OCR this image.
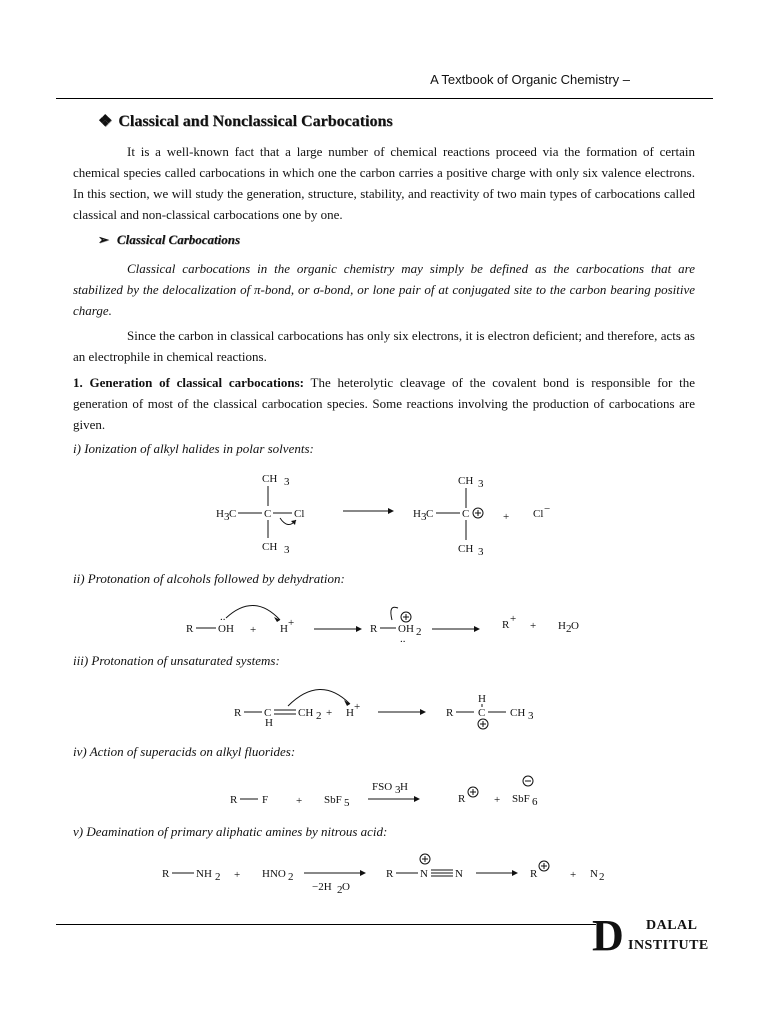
A Textbook of Organic Chemistry –
❖ Classical and Nonclassical Carbocations
It is a well-known fact that a large number of chemical reactions proceed via the formation of certain chemical species called carbocations in which one the carbon carries a positive charge with only six valence electrons. In this section, we will study the generation, structure, stability, and reactivity of two main types of carbocations called classical and non-classical carbocations one by one.
➢ Classical Carbocations
Classical carbocations in the organic chemistry may simply be defined as the carbocations that are stabilized by the delocalization of π-bond, or σ-bond, or lone pair of at conjugated site to the carbon bearing positive charge.
Since the carbon in classical carbocations has only six electrons, it is electron deficient; and therefore, acts as an electrophile in chemical reactions.
1. Generation of classical carbocations: The heterolytic cleavage of the covalent bond is responsible for the generation of most of the classical carbocation species. Some reactions involving the production of carbocations are given.
i) Ionization of alkyl halides in polar solvents:
CH 3
H 3 C	C Cl
CH 3
CH 3
H 3 C	C
CH 3
+ Cl −
ii) Protonation of alcohols followed by dehydration:
R OH
..
+ H +	R OH 2
..
R +
+ H 2 O
iii) Protonation of unsaturated systems:
R C
H
CH 2 + H +	R
H
C CH 3
iv) Action of superacids on alkyl fluorides:
R F	+ SbF 5
FSO 3 H
R	+ SbF 6
v) Deamination of primary aliphatic amines by nitrous acid:
R NH 2 + HNO 2
−2H 2 O
R N N	R	+ N 2
D DALAL
INSTITUTE
